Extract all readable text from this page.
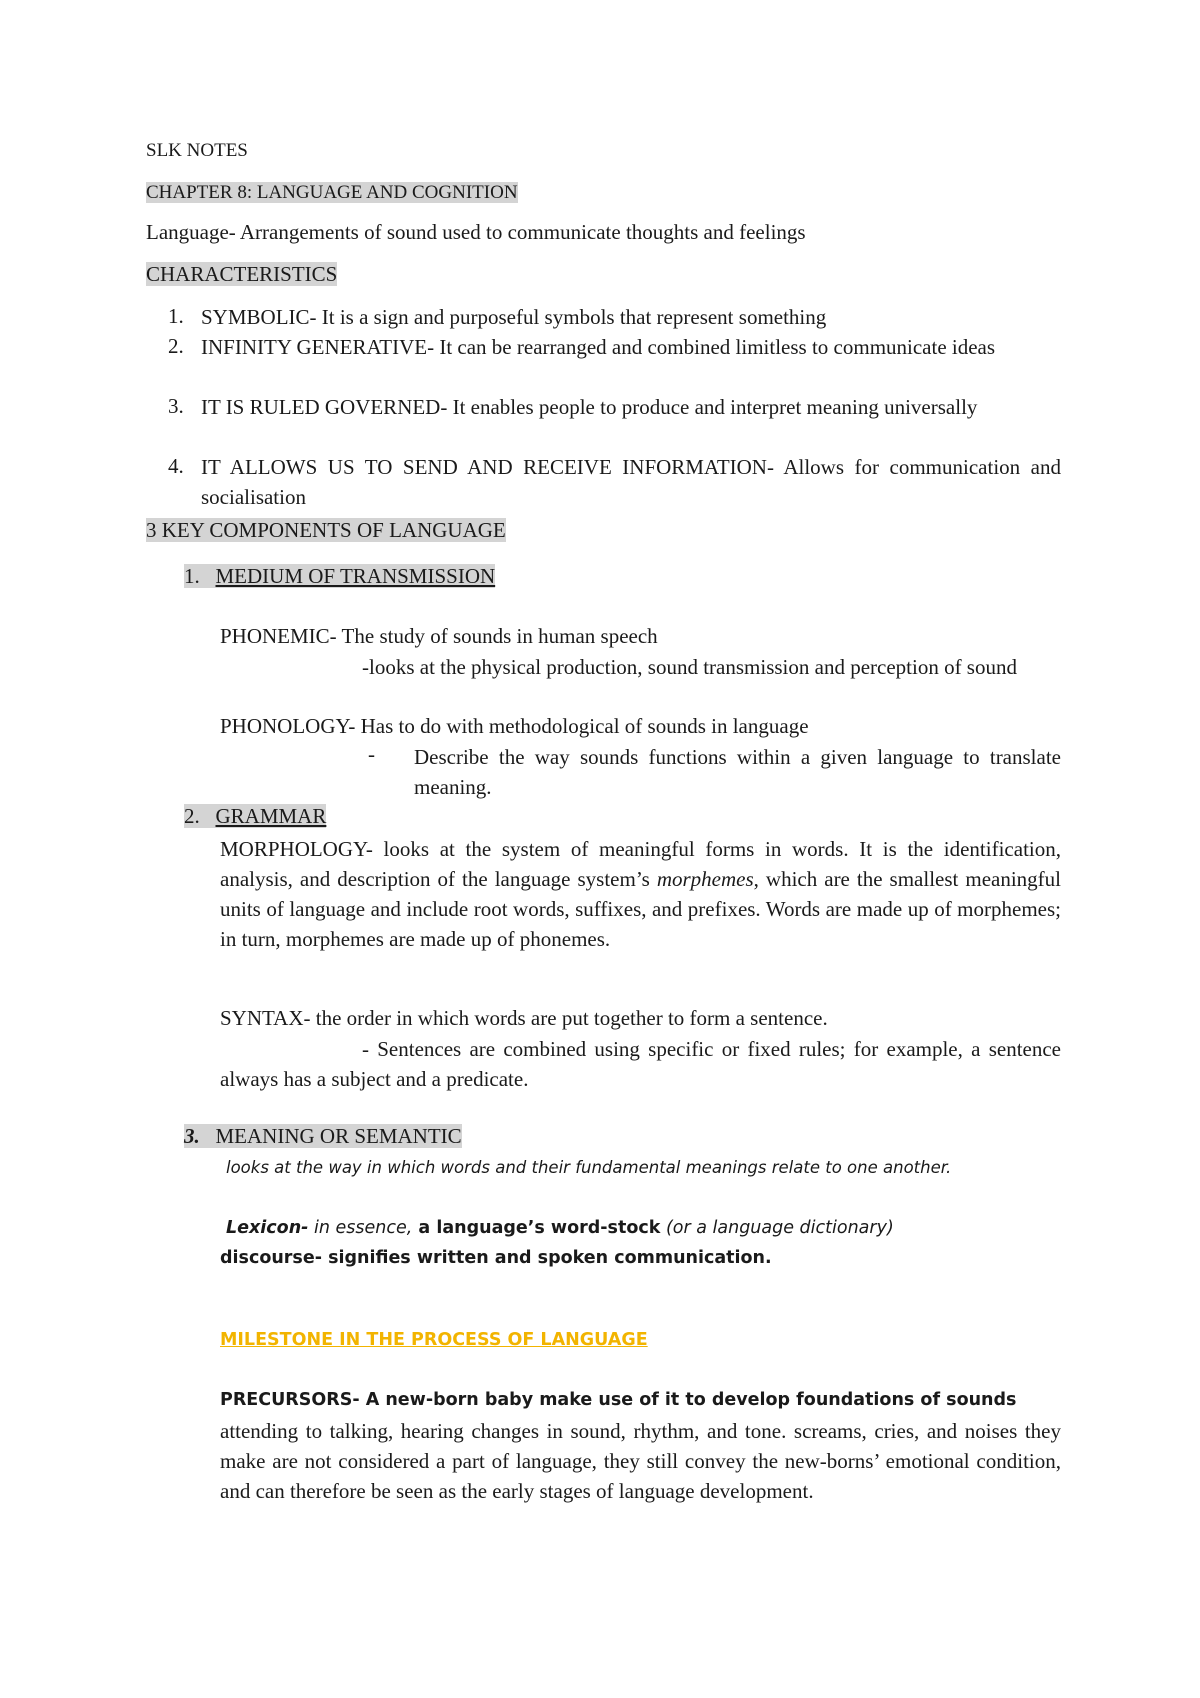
SLK NOTES
CHAPTER 8: LANGUAGE AND COGNITION
Language- Arrangements of sound used to communicate thoughts and feelings
CHARACTERISTICS
1. SYMBOLIC- It is a sign and purposeful symbols that represent something
2. INFINITY GENERATIVE- It can be rearranged and combined limitless to communicate ideas
3. IT IS RULED GOVERNED- It enables people to produce and interpret meaning universally
4. IT ALLOWS US TO SEND AND RECEIVE INFORMATION- Allows for communication and socialisation
3 KEY COMPONENTS OF LANGUAGE
1. MEDIUM OF TRANSMISSION
PHONEMIC- The study of sounds in human speech
-looks at the physical production, sound transmission and perception of sound
PHONOLOGY- Has to do with methodological of sounds in language
- Describe the way sounds functions within a given language to translate meaning.
2. GRAMMAR
MORPHOLOGY- looks at the system of meaningful forms in words. It is the identification, analysis, and description of the language system’s morphemes, which are the smallest meaningful units of language and include root words, suffixes, and prefixes. Words are made up of morphemes; in turn, morphemes are made up of phonemes.
SYNTAX- the order in which words are put together to form a sentence.
- Sentences are combined using specific or fixed rules; for example, a sentence always has a subject and a predicate.
3. MEANING OR SEMANTIC
looks at the way in which words and their fundamental meanings relate to one another.
Lexicon- in essence, a language’s word-stock (or a language dictionary)
discourse- signifies written and spoken communication.
MILESTONE IN THE PROCESS OF LANGUAGE
PRECURSORS- A new-born baby make use of it to develop foundations of sounds
attending to talking, hearing changes in sound, rhythm, and tone. screams, cries, and noises they make are not considered a part of language, they still convey the new-borns’ emotional condition, and can therefore be seen as the early stages of language development.
